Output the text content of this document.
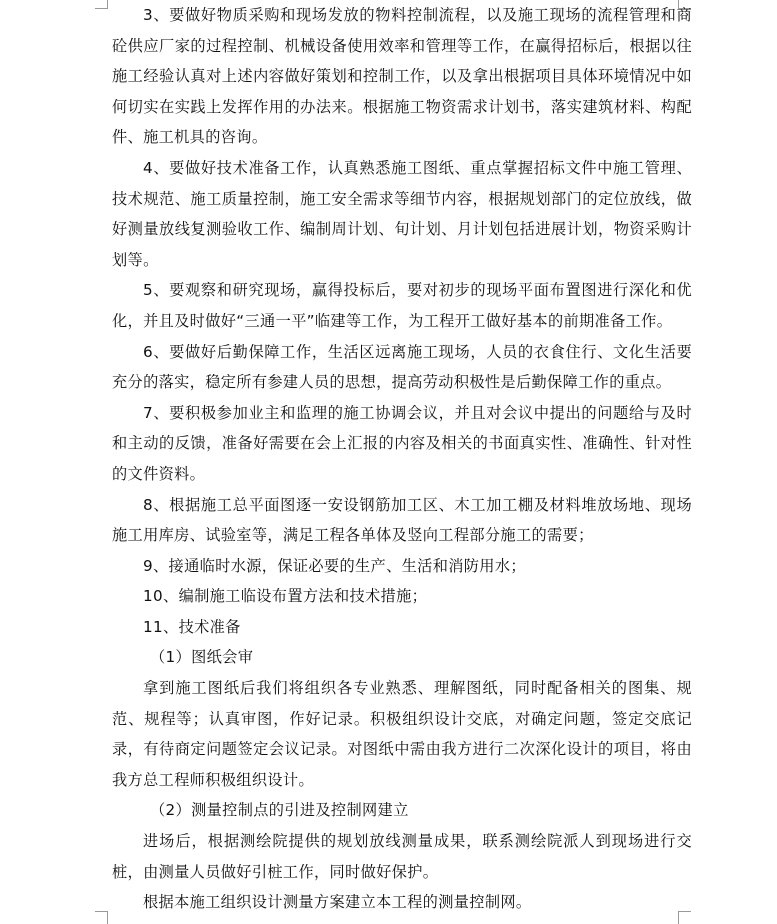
3、要做好物质采购和现场发放的物料控制流程，以及施工现场的流程管理和商砼供应厂家的过程控制、机械设备使用效率和管理等工作，在赢得招标后，根据以往施工经验认真对上述内容做好策划和控制工作，以及拿出根据项目具体环境情况中如何切实在实践上发挥作用的办法来。根据施工物资需求计划书，落实建筑材料、构配件、施工机具的咨询。

4、要做好技术准备工作，认真熟悉施工图纸、重点掌握招标文件中施工管理、技术规范、施工质量控制，施工安全需求等细节内容，根据规划部门的定位放线，做好测量放线复测验收工作、编制周计划、旬计划、月计划包括进展计划，物资采购计划等。

5、要观察和研究现场，赢得投标后，要对初步的现场平面布置图进行深化和优化，并且及时做好“三通一平”临建等工作，为工程开工做好基本的前期准备工作。

6、要做好后勤保障工作，生活区远离施工现场，人员的衣食住行、文化生活要充分的落实，稳定所有参建人员的思想，提高劳动积极性是后勤保障工作的重点。

7、要积极参加业主和监理的施工协调会议，并且对会议中提出的问题给与及时和主动的反馈，准备好需要在会上汇报的内容及相关的书面真实性、准确性、针对性的文件资料。

8、根据施工总平面图逐一安设钢筋加工区、木工加工棚及材料堆放场地、现场施工用库房、试验室等，满足工程各单体及竖向工程部分施工的需要；

9、接通临时水源，保证必要的生产、生活和消防用水；

10、编制施工临设布置方法和技术措施；

11、技术准备

（1）图纸会审

拿到施工图纸后我们将组织各专业熟悉、理解图纸，同时配备相关的图集、规范、规程等；认真审图，作好记录。积极组织设计交底，对确定问题，签定交底记录，有待商定问题签定会议记录。对图纸中需由我方进行二次深化设计的项目，将由我方总工程师积极组织设计。

（2）测量控制点的引进及控制网建立

进场后，根据测绘院提供的规划放线测量成果，联系测绘院派人到现场进行交桩，由测量人员做好引桩工作，同时做好保护。

根据本施工组织设计测量方案建立本工程的测量控制网。
